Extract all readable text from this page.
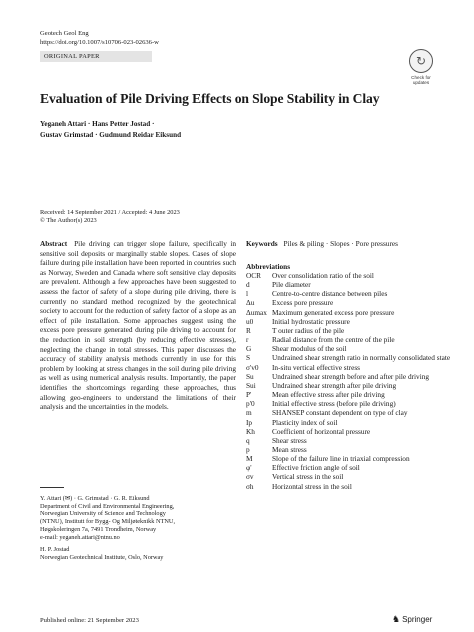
Geotech Geol Eng
https://doi.org/10.1007/s10706-023-02636-w
ORIGINAL PAPER	↻
Check for updates
Evaluation of Pile Driving Effects on Slope Stability in Clay
Yeganeh Attari · Hans Petter Jostad ·
Gustav Grimstad · Gudmund Reidar Eiksund
Received: 14 September 2021 / Accepted: 4 June 2023
© The Author(s) 2023
Abstract Pile driving can trigger slope failure, specifically in sensitive soil deposits or marginally stable slopes. Cases of slope failure during pile installation have been reported in countries such as Norway, Sweden and Canada where soft sensitive clay deposits are prevalent. Although a few approaches have been suggested to assess the factor of safety of a slope during pile driving, there is currently no standard method recognized by the geotechnical society to account for the reduction of safety factor of a slope as an effect of pile installation. Some approaches suggest using the excess pore pressure generated during pile driving to account for the reduction in soil strength (by reducing effective stresses), neglecting the change in total stresses. This paper discusses the accuracy of stability analysis methods currently in use for this problem by looking at stress changes in the soil during pile driving as well as using numerical analysis results. Importantly, the paper identifies the shortcomings regarding these approaches, thus allowing geo-engineers to understand the limitations of their analysis and the uncertainties in the models.
Keywords Piles & piling · Slopes · Pore pressures
Abbreviations
OCR	Over consolidation ratio of the soil
d	Pile diameter
l	Centre-to-centre distance between piles
Δu	Excess pore pressure
Δumax Maximum generated excess pore pressure
u0	Initial hydrostatic pressure
R	T outer radius of the pile
r	Radial distance from the centre of the pile
G	Shear modulus of the soil
S	Undrained shear strength ratio in normally consolidated state
σ'v0	In-situ vertical effective stress
Su	Undrained shear strength before and after pile driving
Sui	Undrained shear strength after pile driving
P'	Mean effective stress after pile driving
p'0	Initial effective stress (before pile driving)
m	SHANSEP constant dependent on type of clay
Ip	Plasticity index of soil
Kh	Coefficient of horizontal pressure
q	Shear stress
p	Mean stress
M	Slope of the failure line in triaxial compression
φ'	Effective friction angle of soil
σv	Vertical stress in the soil
σh	Horizontal stress in the soil
Y. Attari (✉) · G. Grimstad · G. R. Eiksund
Department of Civil and Environmental Engineering,
Norwegian University of Science and Technology
(NTNU), Institutt for Bygg- Og Miljøteknikk NTNU,
Høgskoleringen 7a, 7491 Trondheim, Norway
e-mail: yeganeh.attari@ntnu.no
H. P. Jostad
Norwegian Geotechnical Institute, Oslo, Norway
Published online: 21 September 2023	♞ Springer
